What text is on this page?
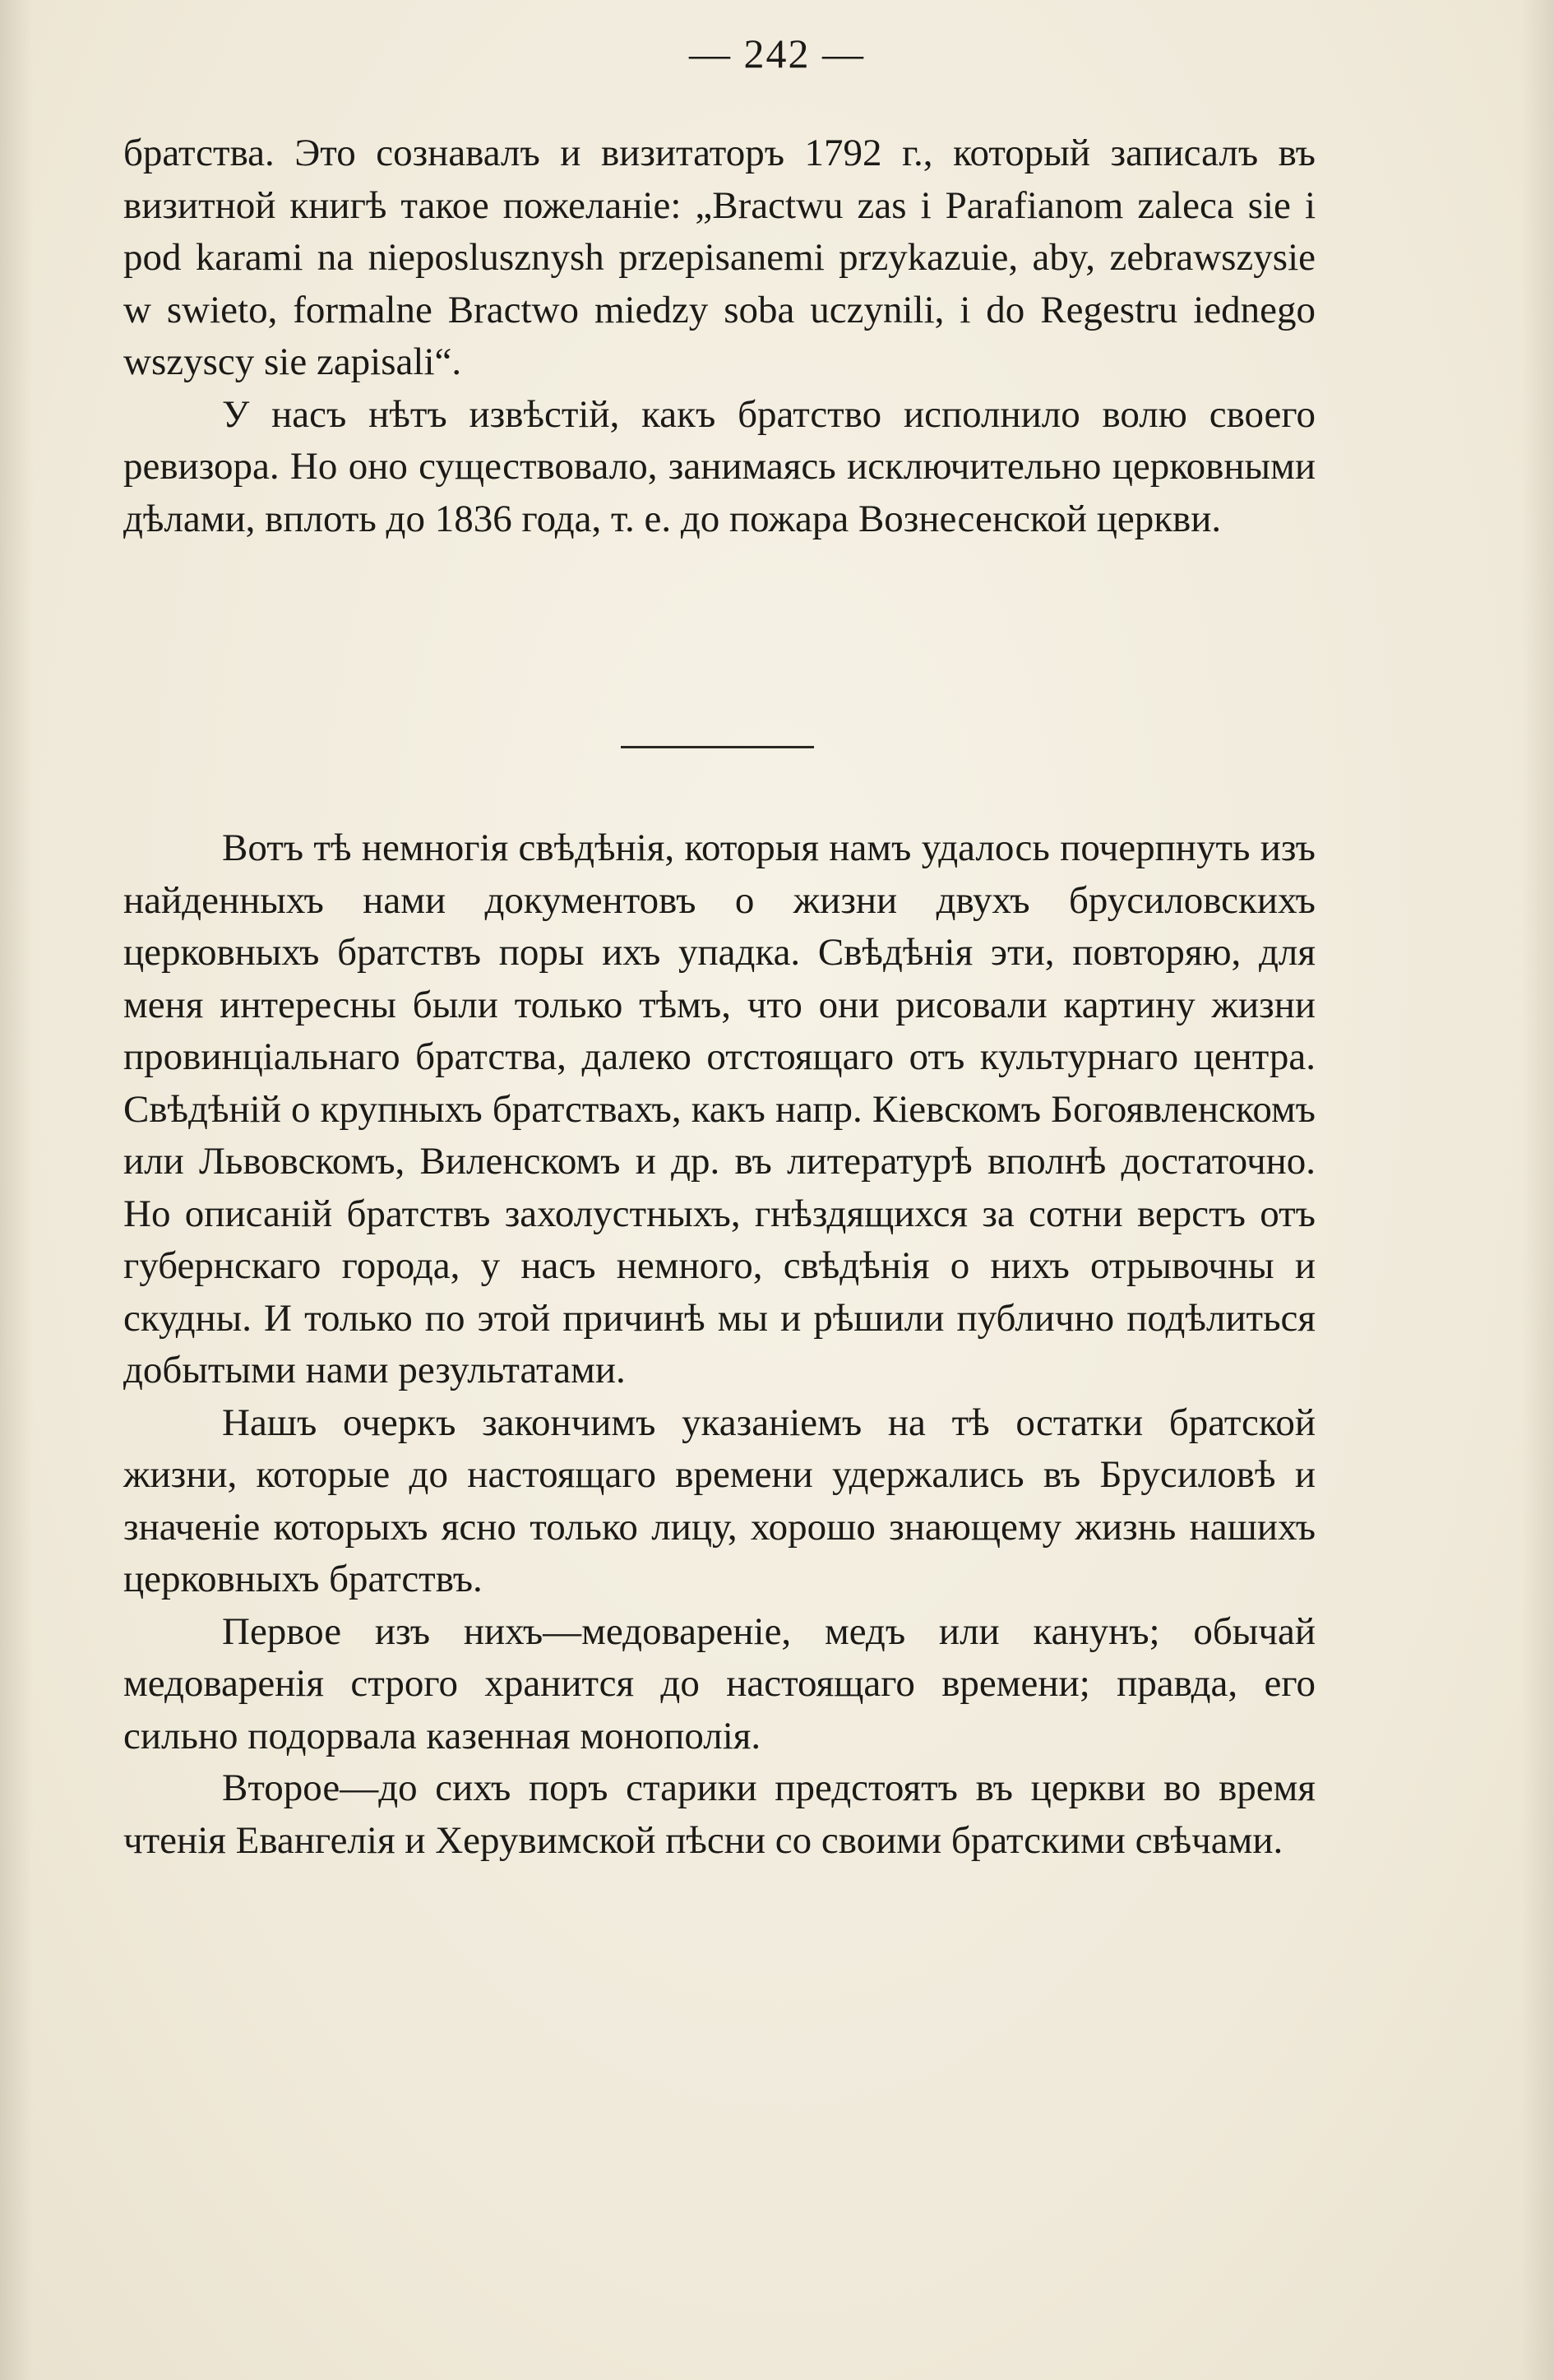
— 242 —

братства. Это сознавалъ и визитаторъ 1792 г., который записалъ въ визитной книгѣ такое пожеланіе: „Bractwu zas i Parafianom zaleca sie i pod karami na nieposlusznysh przepisanemi przykazuie, aby, zebrawszysie w swieto, formalne Bractwo miedzy soba uczynili, i do Regestru iednego wszyscy sie zapisali“.

У насъ нѣтъ извѣстій, какъ братство исполнило волю своего ревизора. Но оно существовало, занимаясь исключительно церковными дѣлами, вплоть до 1836 года, т. е. до пожара Вознесенской церкви.

Вотъ тѣ немногія свѣдѣнія, которыя намъ удалось почерпнуть изъ найденныхъ нами документовъ о жизни двухъ брусиловскихъ церковныхъ братствъ поры ихъ упадка. Свѣдѣнія эти, повторяю, для меня интересны были только тѣмъ, что они рисовали картину жизни провинціальнаго братства, далеко отстоящаго отъ культурнаго центра. Свѣдѣній о крупныхъ братствахъ, какъ напр. Кіевскомъ Богоявленскомъ или Львовскомъ, Виленскомъ и др. въ литературѣ вполнѣ достаточно. Но описаній братствъ захолустныхъ, гнѣздящихся за сотни верстъ отъ губернскаго города, у насъ немного, свѣдѣнія о нихъ отрывочны и скудны. И только по этой причинѣ мы и рѣшили публично подѣлиться добытыми нами результатами.

Нашъ очеркъ закончимъ указаніемъ на тѣ остатки братской жизни, которые до настоящаго времени удержались въ Брусиловѣ и значеніе которыхъ ясно только лицу, хорошо знающему жизнь нашихъ церковныхъ братствъ.

Первое изъ нихъ—медовареніе, медъ или канунъ; обычай медоваренія строго хранится до настоящаго времени; правда, его сильно подорвала казенная монополія.

Второе—до сихъ поръ старики предстоятъ въ церкви во время чтенія Евангелія и Херувимской пѣсни со своими братскими свѣчами.
